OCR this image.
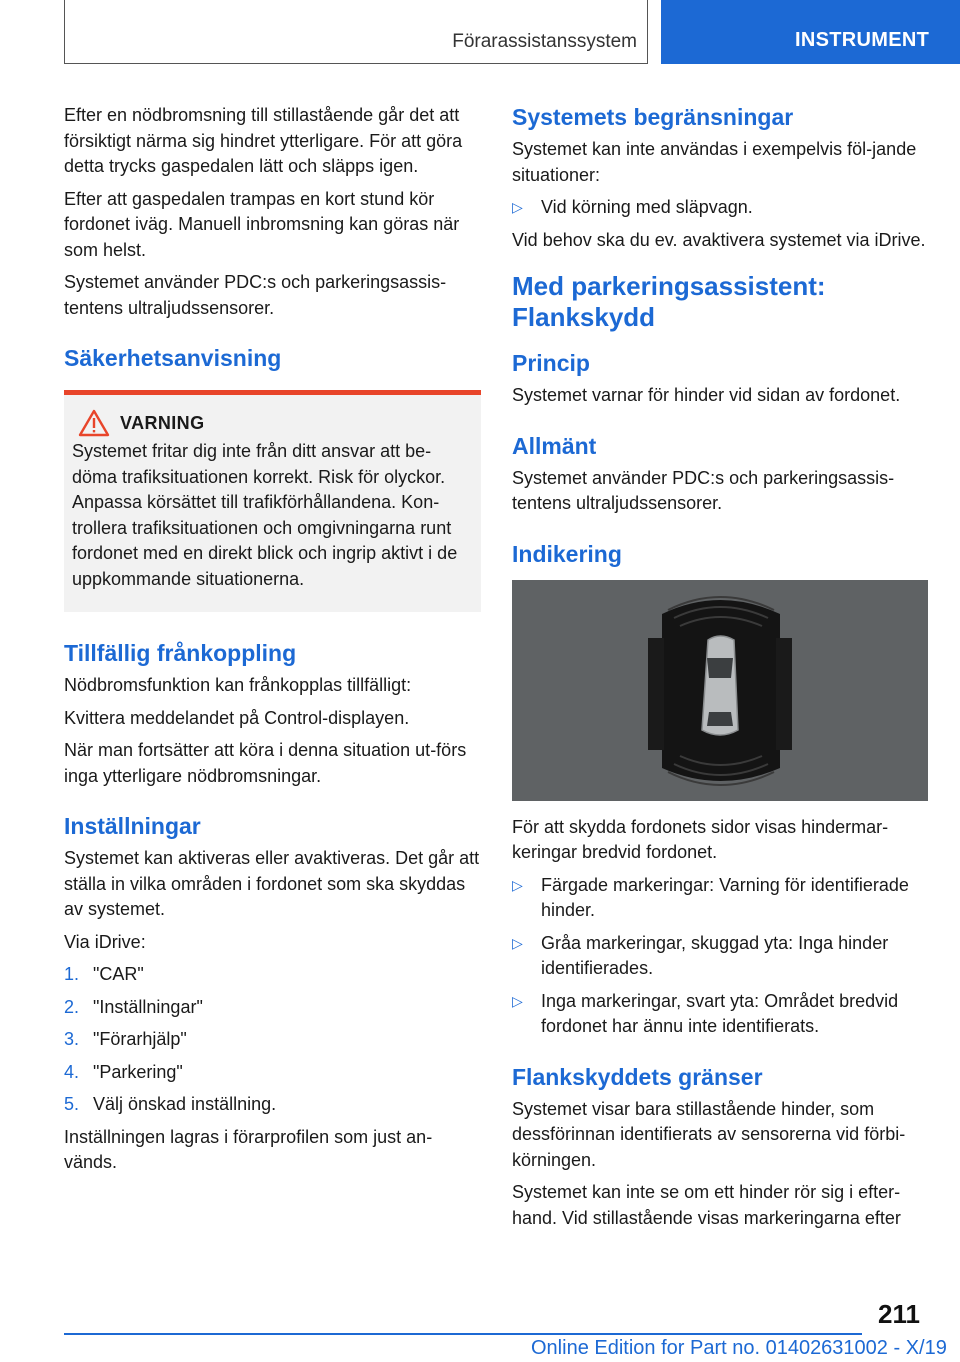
Förarassistanssystem	INSTRUMENT

Efter en nödbromsning till stillastående går det att försiktigt närma sig hindret ytterligare. För att göra detta trycks gaspedalen lätt och släpps igen.

Efter att gaspedalen trampas en kort stund kör fordonet iväg. Manuell inbromsning kan göras när som helst.

Systemet använder PDC:s och parkeringsassis-tentens ultraljudssensorer.

Säkerhetsanvisning
VARNING

Systemet fritar dig inte från ditt ansvar att be-döma trafiksituationen korrekt. Risk för olyckor. Anpassa körsättet till trafikförhållandena. Kon-trollera trafiksituationen och omgivningarna runt fordonet med en direkt blick och ingrip aktivt i de uppkommande situationerna.

Tillfällig frånkoppling

Nödbromsfunktion kan frånkopplas tillfälligt:

Kvittera meddelandet på Control-displayen.

När man fortsätter att köra i denna situation ut-förs inga ytterligare nödbromsningar.

Inställningar

Systemet kan aktiveras eller avaktiveras. Det går att ställa in vilka områden i fordonet som ska skyddas av systemet.

Via iDrive:

1. "CAR"
2. "Inställningar"
3. "Förarhjälp"
4. "Parkering"
5. Välj önskad inställning.

Inställningen lagras i förarprofilen som just an-vänds.

Systemets begränsningar

Systemet kan inte användas i exempelvis föl-jande situationer:

▷ Vid körning med släpvagn.

Vid behov ska du ev. avaktivera systemet via iDrive.

Med parkeringsassistent: Flankskydd
Princip

Systemet varnar för hinder vid sidan av fordonet.

Allmänt

Systemet använder PDC:s och parkeringsassis-tentens ultraljudssensorer.

Indikering

För att skydda fordonets sidor visas hindermar-keringar bredvid fordonet.

▷ Färgade markeringar: Varning för identifierade hinder.
▷ Gråa markeringar, skuggad yta: Inga hinder identifierades.
▷ Inga markeringar, svart yta: Området bredvid fordonet har ännu inte identifierats.
Flankskyddets gränser

Systemet visar bara stillastående hinder, som dessförinnan identifierats av sensorerna vid förbi-körningen.

Systemet kan inte se om ett hinder rör sig i efter-hand. Vid stillastående visas markeringarna efter

211
Online Edition for Part no. 01402631002 - X/19
